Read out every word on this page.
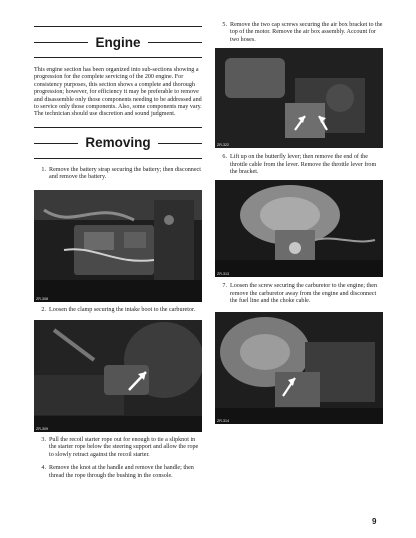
Engine

This engine section has been organized into sub-sections showing a progression for the complete servicing of the 200 engine. For consistency purposes, this section shows a complete and thorough progression; however, for efficiency it may be preferable to remove and disassemble only those components needing to be addressed and to service only those components. Also, some components may vary. The technician should use discretion and sound judgment.

Removing
1. Remove the battery strap securing the battery; then disconnect and remove the battery.
ZR-308
2. Loosen the clamp securing the intake boot to the carburetor.
ZR-309
3. Pull the recoil starter rope out for enough to tie a slipknot in the starter rope below the steering support and allow the rope to slowly retract against the recoil starter.
4. Remove the knot at the handle and remove the handle; then thread the rope through the bushing in the console.
5. Remove the two cap screws securing the air box bracket to the top of the motor. Remove the air box assembly. Account for two hoses.
ZR-322
6. Lift up on the butterfly lever; then remove the end of the throttle cable from the lever. Remove the throttle lever from the bracket.
ZR-313
7. Loosen the screw securing the carburetor to the engine; then remove the carburetor away from the engine and disconnect the fuel line and the choke cable.
ZR-314
9
